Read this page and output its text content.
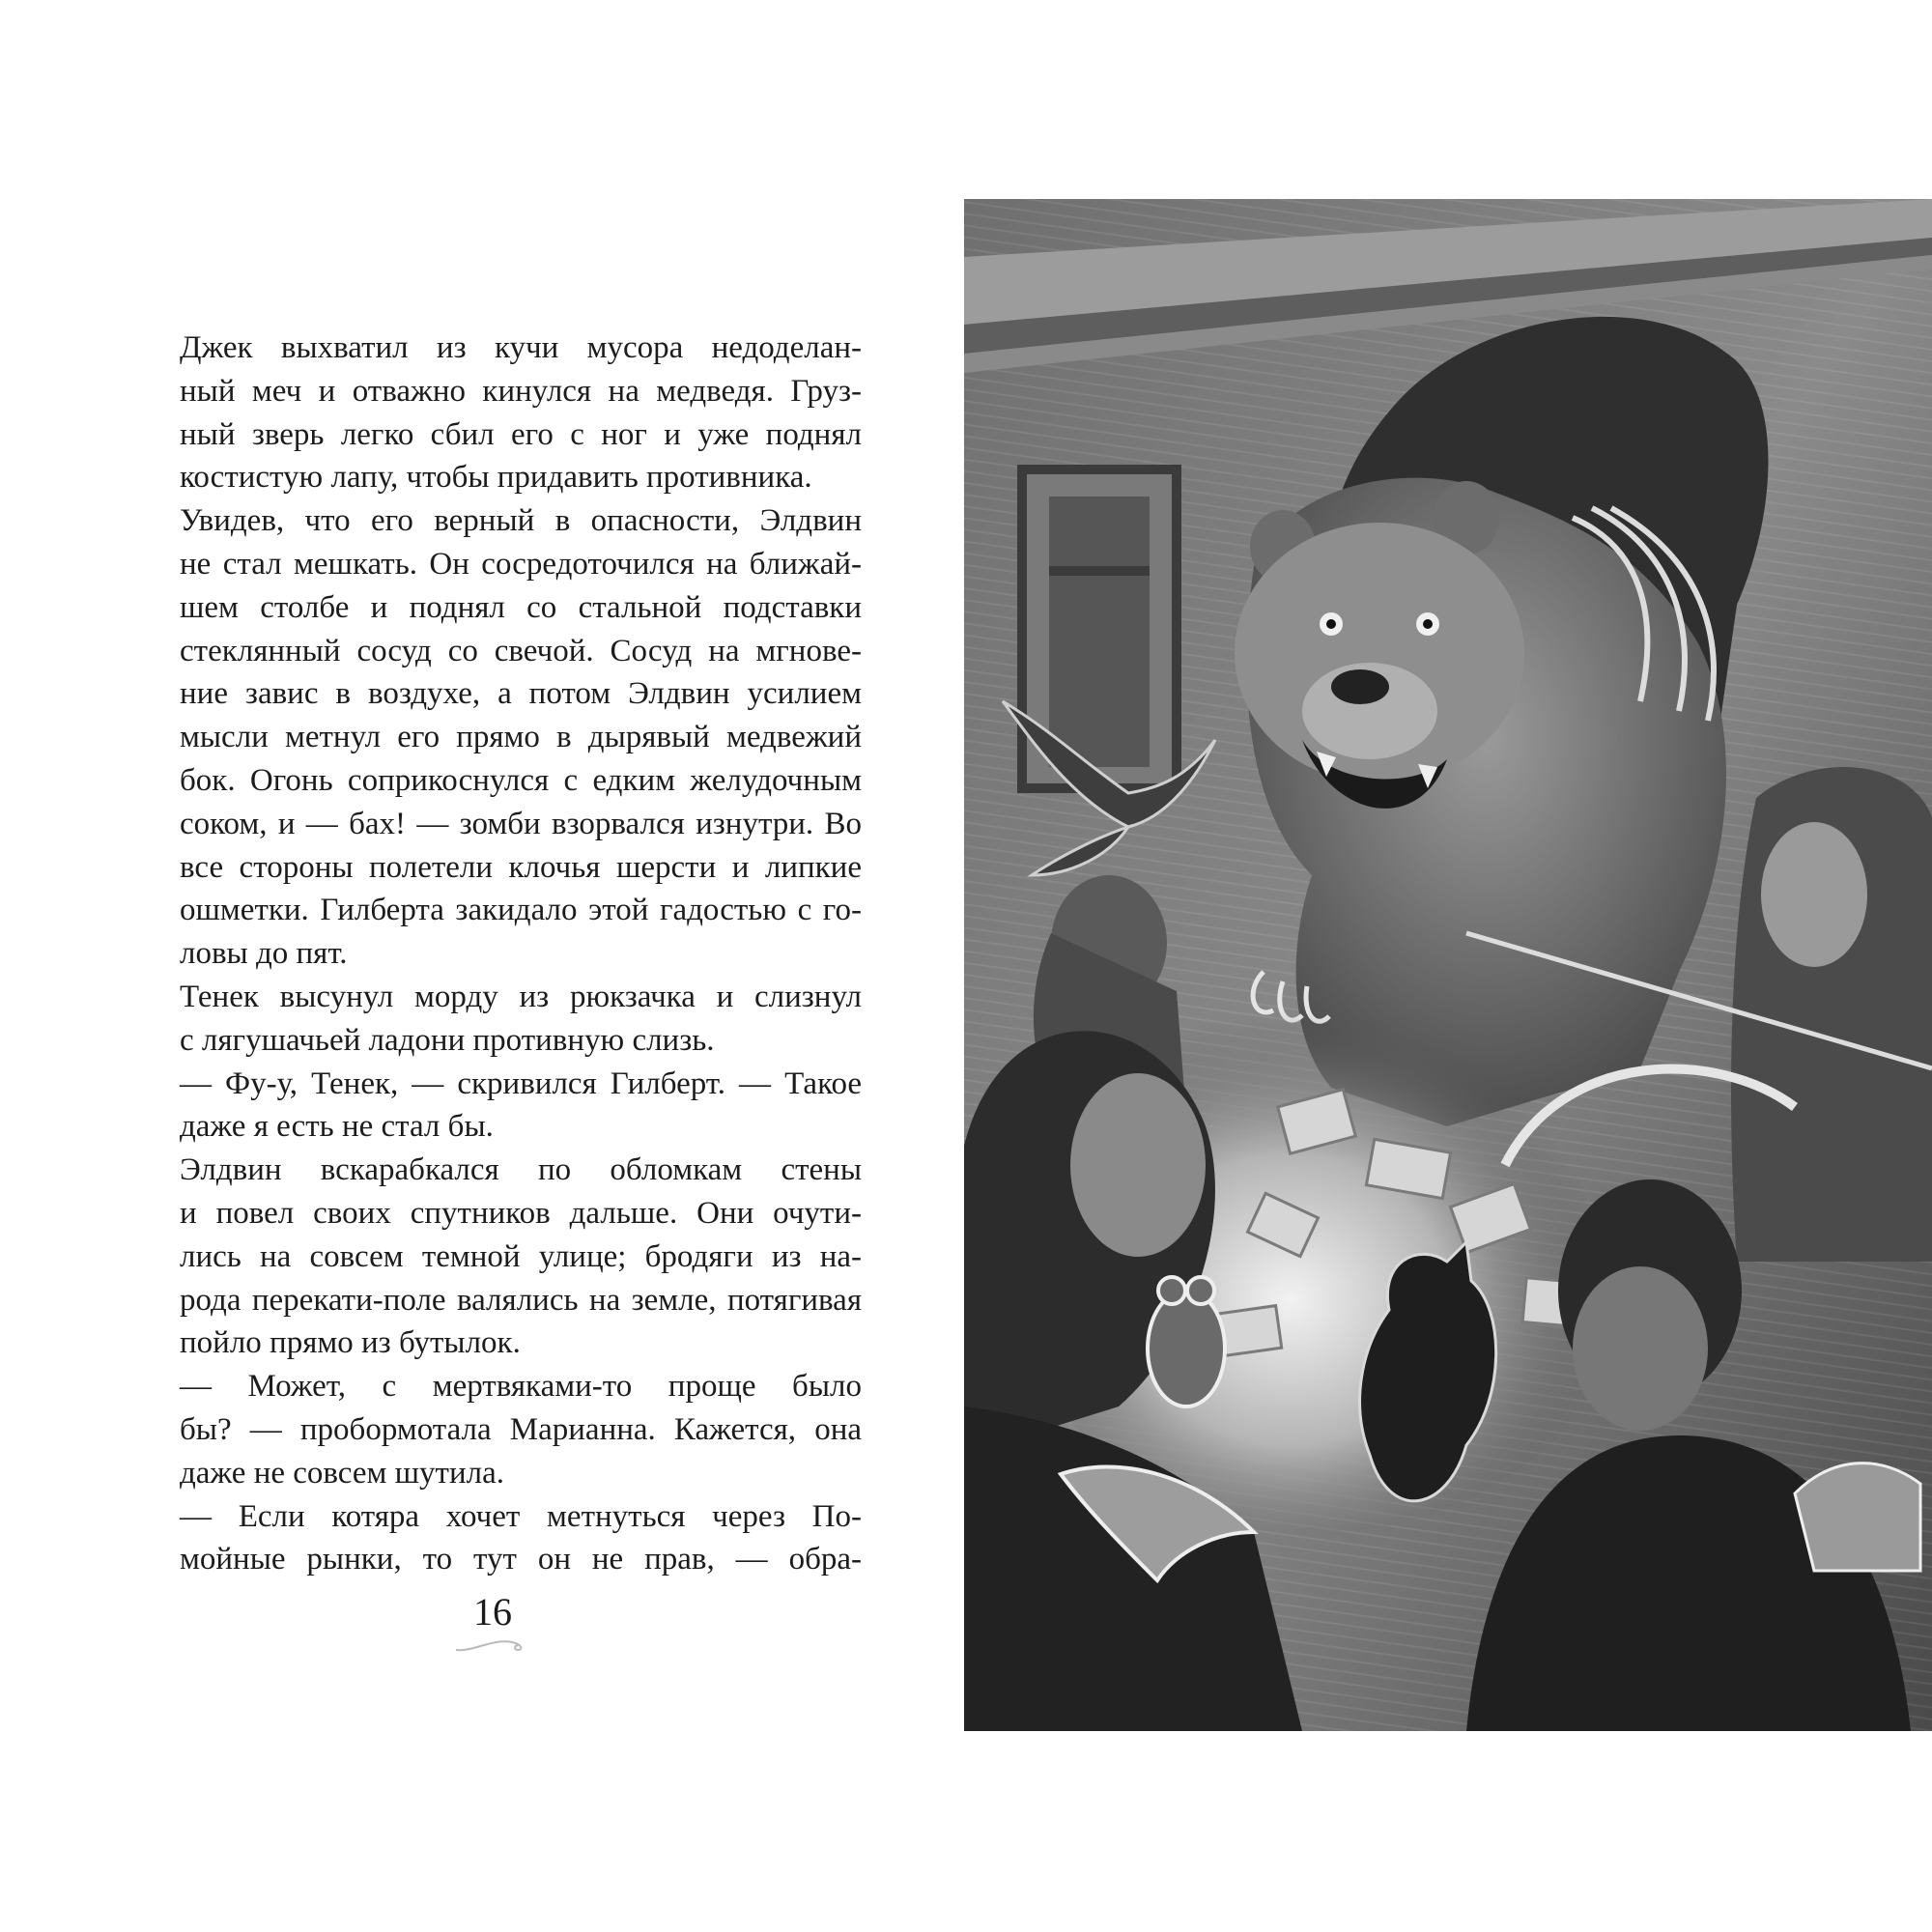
Джек выхватил из кучи мусора недоделан-
ный меч и отважно кинулся на медведя. Груз-
ный зверь легко сбил его с ног и уже поднял
костистую лапу, чтобы придавить противника.

Увидев, что его верный в опасности, Элдвин
не стал мешкать. Он сосредоточился на ближай-
шем столбе и поднял со стальной подставки
стеклянный сосуд со свечой. Сосуд на мгнове-
ние завис в воздухе, а потом Элдвин усилием
мысли метнул его прямо в дырявый медвежий
бок. Огонь соприкоснулся с едким желудочным
соком, и — бах! — зомби взорвался изнутри. Во
все стороны полетели клочья шерсти и липкие
ошметки. Гилберта закидало этой гадостью с го-
ловы до пят.

Тенек высунул морду из рюкзачка и слизнул
с лягушачьей ладони противную слизь.

— Фу-у, Тенек, — скривился Гилберт. — Такое
даже я есть не стал бы.

Элдвин вскарабкался по обломкам стены
и повел своих спутников дальше. Они очути-
лись на совсем темной улице; бродяги из на-
рода перекати-поле валялись на земле, потягивая
пойло прямо из бутылок.

— Может, с мертвяками-то проще было
бы? — пробормотала Марианна. Кажется, она
даже не совсем шутила.

— Если котяра хочет метнуться через По-
мойные рынки, то тут он не прав, — обра-

16
